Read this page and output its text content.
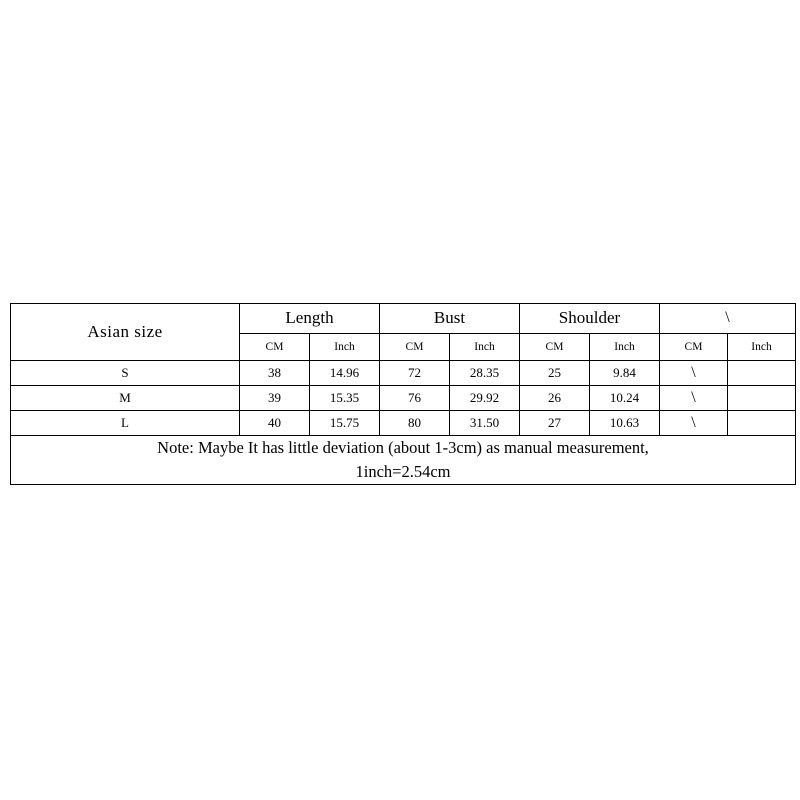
Asian size	Length		Bust		Shoulder		\	
	CM	Inch	CM	Inch	CM	Inch	CM	Inch
S	38	14.96	72	28.35	25	9.84	\	
M	39	15.35	76	29.92	26	10.24	\	
L	40	15.75	80	31.50	27	10.63	\	
Note: Maybe It has little deviation (about 1-3cm) as manual measurement,
1inch=2.54cm								
